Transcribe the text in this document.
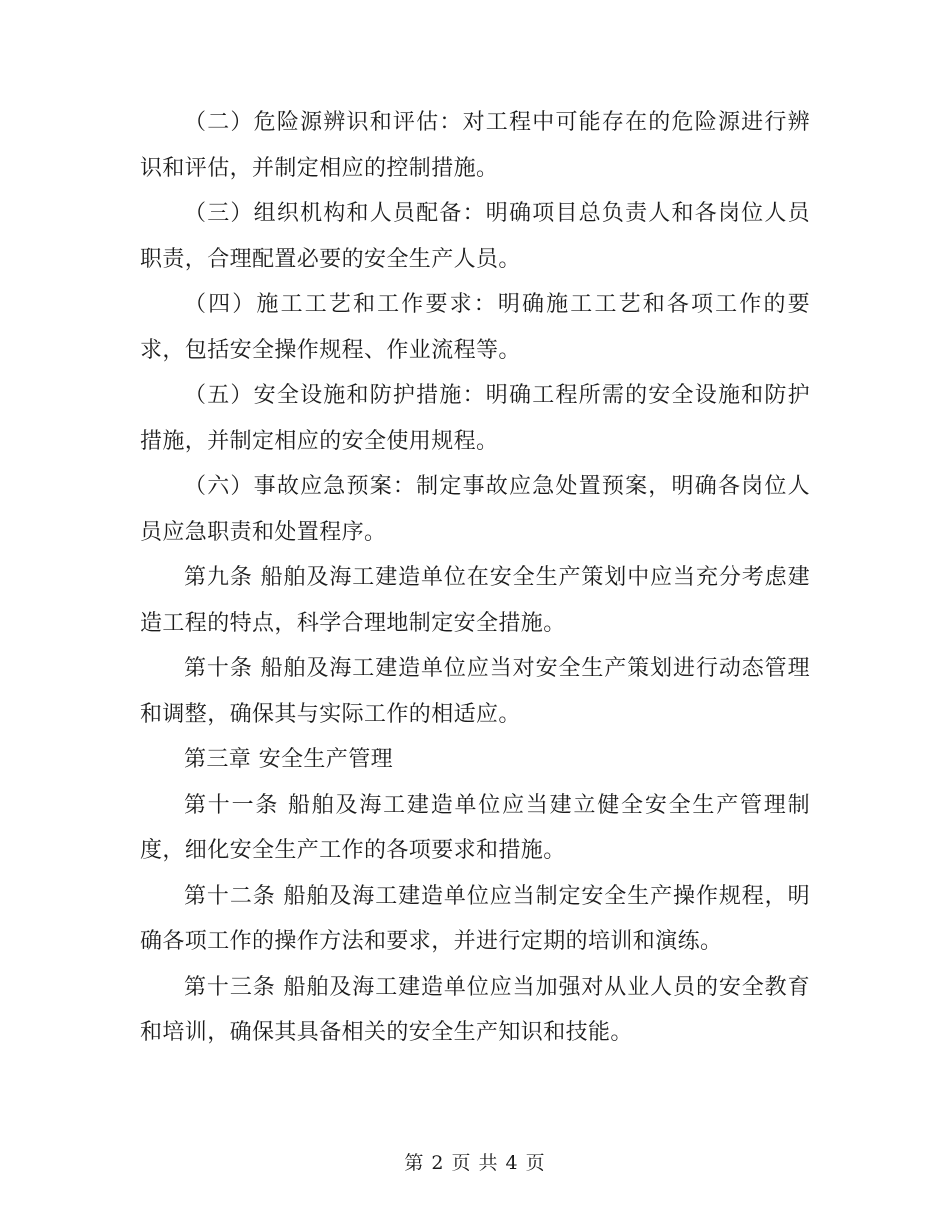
（二）危险源辨识和评估：对工程中可能存在的危险源进行辨识和评估，并制定相应的控制措施。

（三）组织机构和人员配备：明确项目总负责人和各岗位人员职责，合理配置必要的安全生产人员。

（四）施工工艺和工作要求：明确施工工艺和各项工作的要求，包括安全操作规程、作业流程等。

（五）安全设施和防护措施：明确工程所需的安全设施和防护措施，并制定相应的安全使用规程。

（六）事故应急预案：制定事故应急处置预案，明确各岗位人员应急职责和处置程序。

第九条 船舶及海工建造单位在安全生产策划中应当充分考虑建造工程的特点，科学合理地制定安全措施。

第十条 船舶及海工建造单位应当对安全生产策划进行动态管理和调整，确保其与实际工作的相适应。

第三章 安全生产管理

第十一条 船舶及海工建造单位应当建立健全安全生产管理制度，细化安全生产工作的各项要求和措施。

第十二条 船舶及海工建造单位应当制定安全生产操作规程，明确各项工作的操作方法和要求，并进行定期的培训和演练。

第十三条 船舶及海工建造单位应当加强对从业人员的安全教育和培训，确保其具备相关的安全生产知识和技能。

第 2 页 共 4 页
